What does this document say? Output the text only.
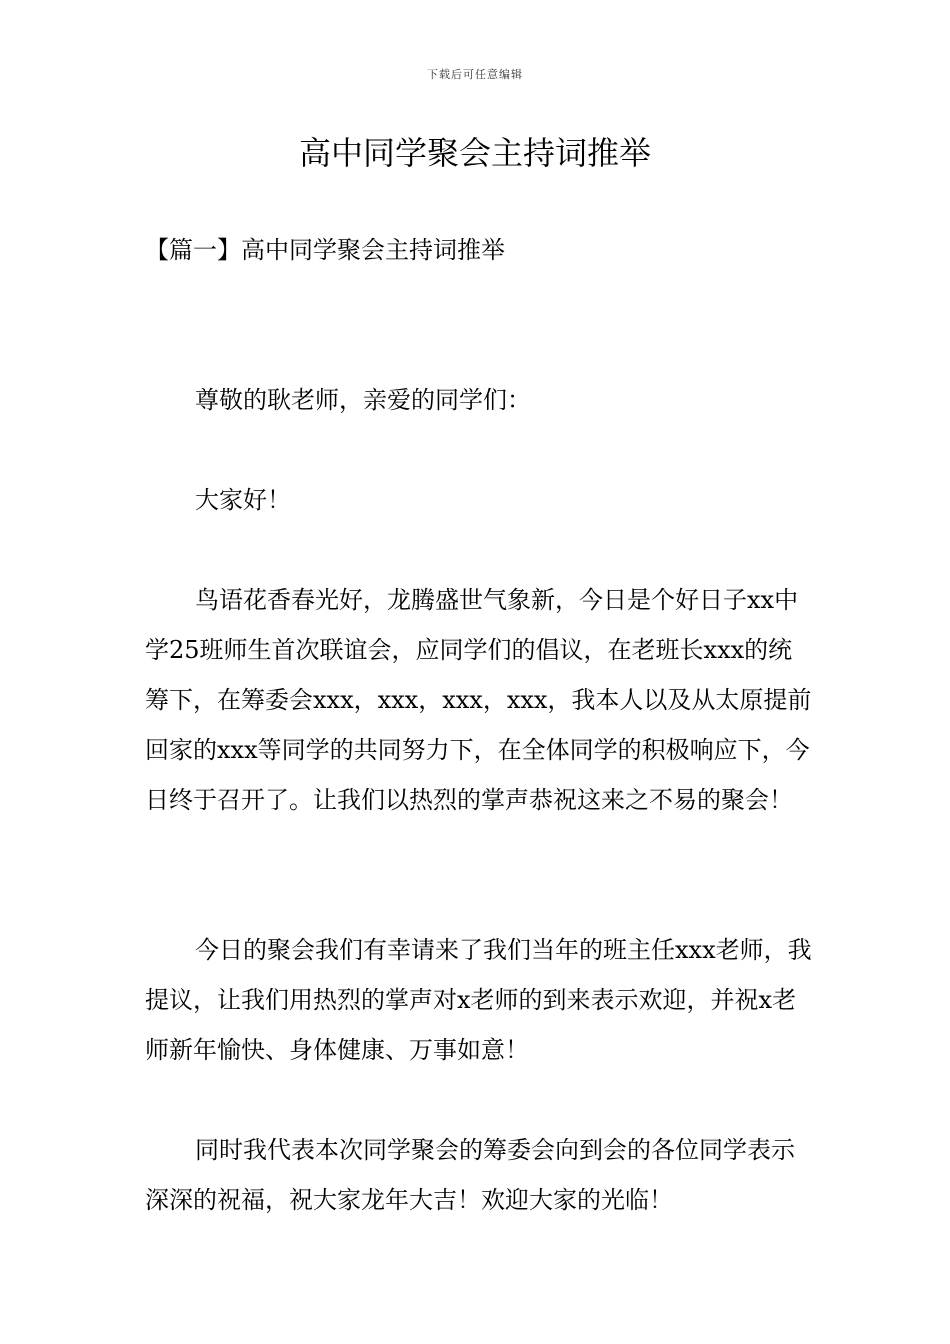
下载后可任意编辑
高中同学聚会主持词推举
【篇一】高中同学聚会主持词推举

尊敬的耿老师，亲爱的同学们：

大家好！

鸟语花香春光好，龙腾盛世气象新，今日是个好日子xx中学25班师生首次联谊会，应同学们的倡议，在老班长xxx的统筹下，在筹委会xxx，xxx，xxx，xxx，我本人以及从太原提前回家的xxx等同学的共同努力下，在全体同学的积极响应下，今日终于召开了。让我们以热烈的掌声恭祝这来之不易的聚会！

今日的聚会我们有幸请来了我们当年的班主任xxx老师，我提议，让我们用热烈的掌声对x老师的到来表示欢迎，并祝x老师新年愉快、身体健康、万事如意！

同时我代表本次同学聚会的筹委会向到会的各位同学表示深深的祝福，祝大家龙年大吉！欢迎大家的光临！
